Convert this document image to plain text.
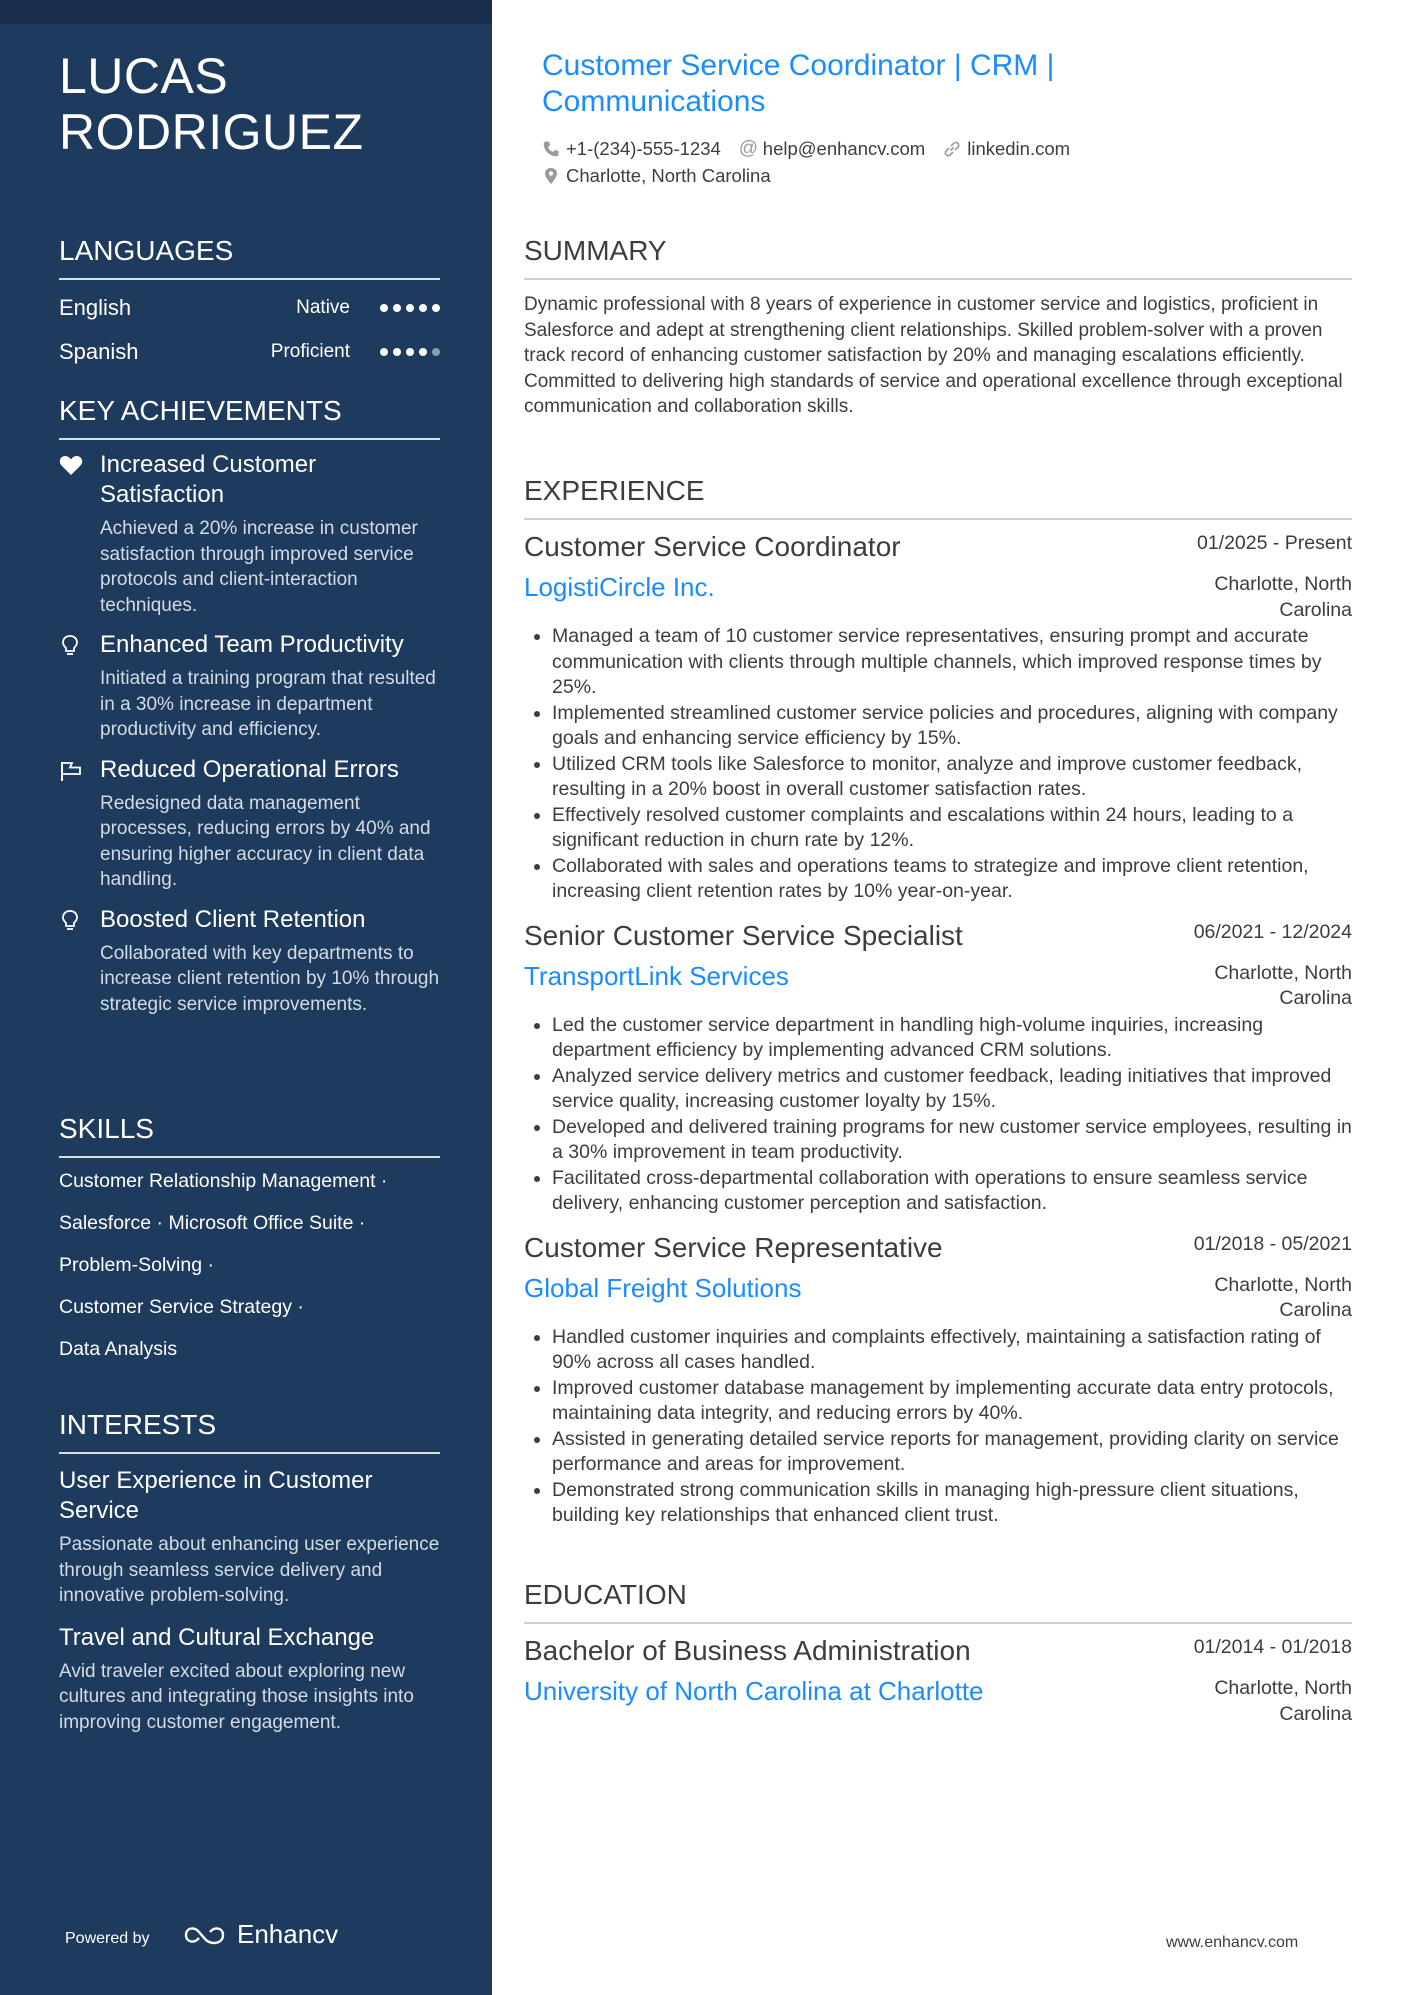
LUCAS
RODRIGUEZ
LANGUAGES
English	Native
Spanish	Proficient
KEY ACHIEVEMENTS
Increased Customer Satisfaction
Achieved a 20% increase in customer satisfaction through improved service protocols and client-interaction techniques.
Enhanced Team Productivity
Initiated a training program that resulted in a 30% increase in department productivity and efficiency.
Reduced Operational Errors
Redesigned data management processes, reducing errors by 40% and ensuring higher accuracy in client data handling.
Boosted Client Retention
Collaborated with key departments to increase client retention by 10% through strategic service improvements.
SKILLS
Customer Relationship Management ·
Salesforce · Microsoft Office Suite ·
Problem-Solving ·
Customer Service Strategy ·
Data Analysis
INTERESTS
User Experience in Customer Service
Passionate about enhancing user experience through seamless service delivery and innovative problem-solving.
Travel and Cultural Exchange
Avid traveler excited about exploring new cultures and integrating those insights into improving customer engagement.
Powered by	Enhancv
Customer Service Coordinator | CRM |
Communications
+1-(234)-555-1234 @ help@enhancv.com linkedin.com
Charlotte, North Carolina
SUMMARY
Dynamic professional with 8 years of experience in customer service and logistics, proficient in Salesforce and adept at strengthening client relationships. Skilled problem-solver with a proven track record of enhancing customer satisfaction by 20% and managing escalations efficiently. Committed to delivering high standards of service and operational excellence through exceptional communication and collaboration skills.
EXPERIENCE
Customer Service Coordinator	01/2025 - Present
Charlotte, North Carolina
LogistiCircle Inc.
• Managed a team of 10 customer service representatives, ensuring prompt and accurate communication with clients through multiple channels, which improved response times by 25%.
• Implemented streamlined customer service policies and procedures, aligning with company goals and enhancing service efficiency by 15%.
• Utilized CRM tools like Salesforce to monitor, analyze and improve customer feedback, resulting in a 20% boost in overall customer satisfaction rates.
• Effectively resolved customer complaints and escalations within 24 hours, leading to a significant reduction in churn rate by 12%.
• Collaborated with sales and operations teams to strategize and improve client retention, increasing client retention rates by 10% year-on-year.
Senior Customer Service Specialist	06/2021 - 12/2024
Charlotte, North Carolina
TransportLink Services
• Led the customer service department in handling high-volume inquiries, increasing department efficiency by implementing advanced CRM solutions.
• Analyzed service delivery metrics and customer feedback, leading initiatives that improved service quality, increasing customer loyalty by 15%.
• Developed and delivered training programs for new customer service employees, resulting in a 30% improvement in team productivity.
• Facilitated cross-departmental collaboration with operations to ensure seamless service delivery, enhancing customer perception and satisfaction.
Customer Service Representative	01/2018 - 05/2021
Charlotte, North Carolina
Global Freight Solutions
• Handled customer inquiries and complaints effectively, maintaining a satisfaction rating of 90% across all cases handled.
• Improved customer database management by implementing accurate data entry protocols, maintaining data integrity, and reducing errors by 40%.
• Assisted in generating detailed service reports for management, providing clarity on service performance and areas for improvement.
• Demonstrated strong communication skills in managing high-pressure client situations, building key relationships that enhanced client trust.
EDUCATION
Bachelor of Business Administration	01/2014 - 01/2018
Charlotte, North Carolina
University of North Carolina at Charlotte
www.enhancv.com
